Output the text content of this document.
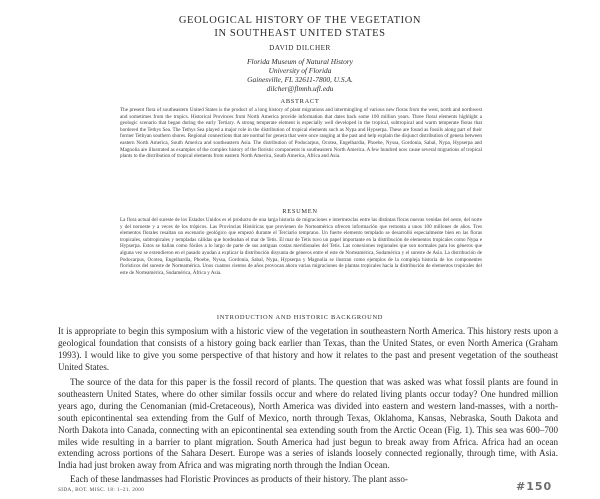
GEOLOGICAL HISTORY OF THE VEGETATION
IN SOUTHEAST UNITED STATES
DAVID DILCHER
Florida Museum of Natural History
University of Florida
Gainesville, FL 32611-7800, U.S.A.
dilcher@flmnh.ufl.edu
ABSTRACT
The present flora of southeastern United States is the product of a long history of plant migrations and intermingling of various new floras from the west, north and northwest and sometimes from the tropics. Historical Provinces from North America provide information that dates back some 100 million years. Three floral elements highlight a geologic scenario that began during the early Tertiary. A strong temperate element is especially well developed in the tropical, subtropical and warm temperate floras that bordered the Tethys Sea. The Tethys Sea played a major role in the distribution of tropical elements such as Nypa and Hypserpa. These are found as fossils along part of their former Tethyan southern shores. Regional connections that are normal for genera that were once ranging at the past and help explain the disjunct distribution of genera between eastern North America, South America and southeastern Asia. The distribution of Podocarpus, Ocotea, Engelhardia, Phoebe, Nyssa, Gordonia, Sabal, Nypa, Hypserpa and Magnolia are illustrated as examples of the complex history of the floristic components in southeastern North America. A few hundred now cause several migrations of tropical plants to the distribution of tropical elements from eastern North America, South America, Africa and Asia.
RESUMEN
La flora actual del sureste de los Estados Unidos es el producto de una larga historia de migraciones e intermezclas entre las distintas floras nuevas venidas del oeste, del norte y del noroeste y a veces de los trópicos. Las Provincias Históricas que provienen de Norteamérica ofrecen información que remonta a unos 100 millones de años. Tres elementos florales resaltan un escenario geológico que empezó durante el Terciario temprano. Un fuerte elemento templado se desarrolló especialmente bien en las floras tropicales, subtropicales y templadas cálidas que bordeaban el mar de Tetis. El mar de Tetis tuvo un papel importante en la distribución de elementos tropicales como Nypa e Hypserpa. Estos se hallan como fósiles a lo largo de parte de sus antiguas costas meridionales del Tetis. Las conexiones regionales que son normales para los géneros que alguna vez se extendieron en el pasado ayudan a explicar la distribución disyunta de géneros entre el este de Norteamérica, Sudamérica y el sureste de Asia. La distribución de Podocarpus, Ocotea, Engelhardia, Phoebe, Nyssa, Gordonia, Sabal, Nypa, Hypserpa y Magnolia se ilustran como ejemplos de la compleja historia de los componentes florísticos del sureste de Norteamérica. Unos cuantos cientos de años provocan ahora varias migraciones de plantas tropicales hacia la distribución de elementos tropicales del este de Norteamérica, Sudamérica, África y Asia.
INTRODUCTION AND HISTORIC BACKGROUND
It is appropriate to begin this symposium with a historic view of the vegetation in southeastern North America. This history rests upon a geological foundation that consists of a history going back earlier than Texas, than the United States, or even North America (Graham 1993). I would like to give you some perspective of that history and how it relates to the past and present vegetation of the southeast United States.
The source of the data for this paper is the fossil record of plants. The question that was asked was what fossil plants are found in southeastern United States, where do other similar fossils occur and where do related living plants occur today? One hundred million years ago, during the Cenomanian (mid-Cretaceous), North America was divided into eastern and western land-masses, with a north-south epicontinental sea extending from the Gulf of Mexico, north through Texas, Oklahoma, Kansas, Nebraska, South Dakota and North Dakota into Canada, connecting with an epicontinental sea extending south from the Arctic Ocean (Fig. 1). This sea was 600–700 miles wide resulting in a barrier to plant migration. South America had just begun to break away from Africa. Africa had an ocean extending across portions of the Sahara Desert. Europe was a series of islands loosely connected regionally, through time, with Asia. India had just broken away from Africa and was migrating north through the Indian Ocean.
Each of these landmasses had Floristic Provinces as products of their history. The plant asso-
SIDA, BOT. MISC. 18: 1–21. 2000	#150
